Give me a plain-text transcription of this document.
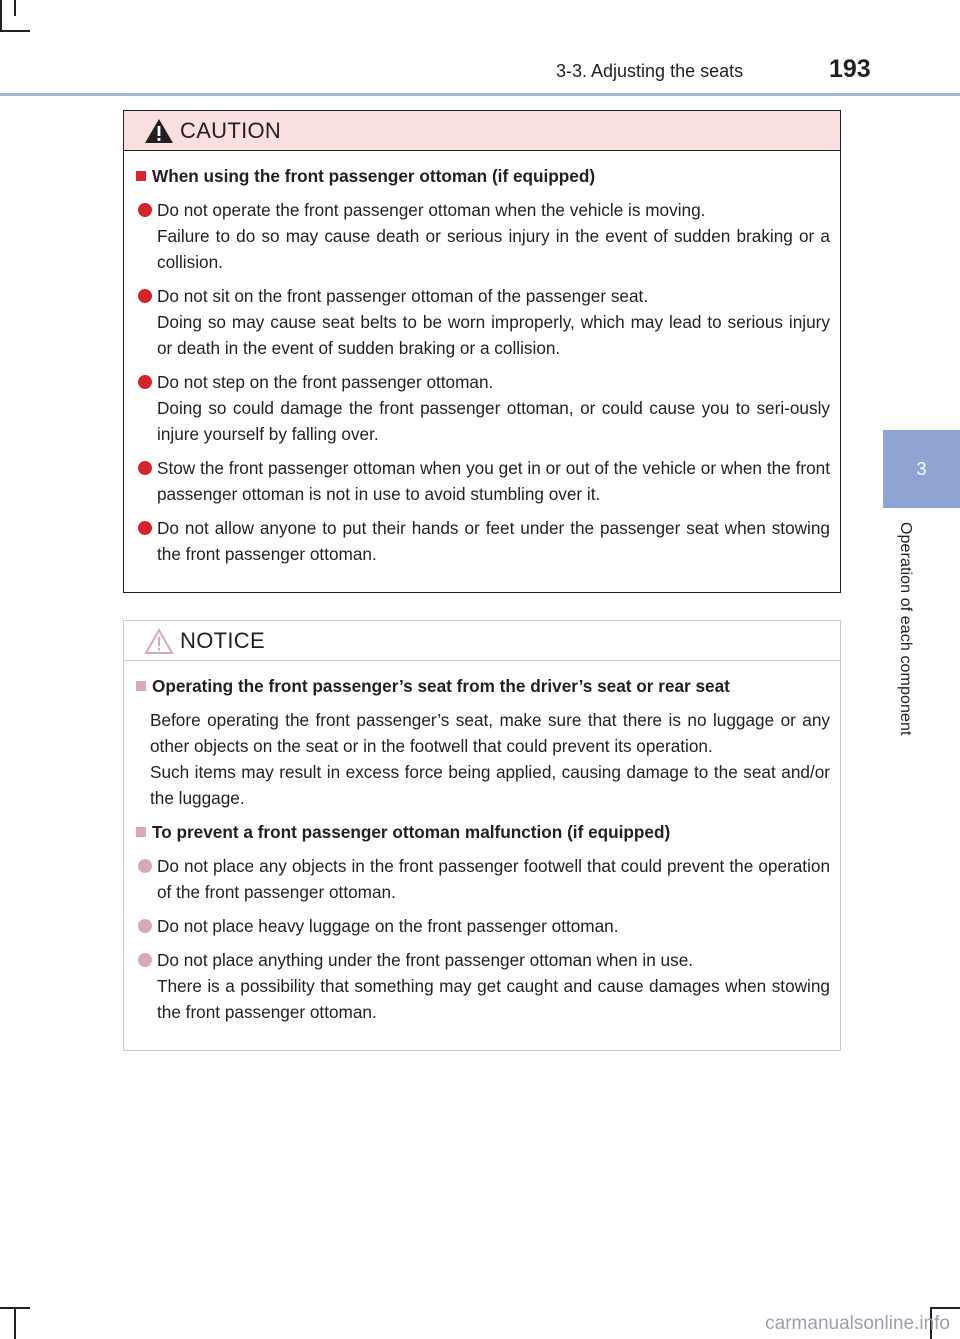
3-3. Adjusting the seats	193
3
Operation of each component
CAUTION
When using the front passenger ottoman (if equipped)
Do not operate the front passenger ottoman when the vehicle is moving.
Failure to do so may cause death or serious injury in the event of sudden braking or a collision.
Do not sit on the front passenger ottoman of the passenger seat.
Doing so may cause seat belts to be worn improperly, which may lead to serious injury or death in the event of sudden braking or a collision.
Do not step on the front passenger ottoman.
Doing so could damage the front passenger ottoman, or could cause you to seri-ously injure yourself by falling over.
Stow the front passenger ottoman when you get in or out of the vehicle or when the front passenger ottoman is not in use to avoid stumbling over it.
Do not allow anyone to put their hands or feet under the passenger seat when stowing the front passenger ottoman.
NOTICE
Operating the front passenger’s seat from the driver’s seat or rear seat
Before operating the front passenger’s seat, make sure that there is no luggage or any other objects on the seat or in the footwell that could prevent its operation.
Such items may result in excess force being applied, causing damage to the seat and/or the luggage.
To prevent a front passenger ottoman malfunction (if equipped)
Do not place any objects in the front passenger footwell that could prevent the operation of the front passenger ottoman.
Do not place heavy luggage on the front passenger ottoman.
Do not place anything under the front passenger ottoman when in use.
There is a possibility that something may get caught and cause damages when stowing the front passenger ottoman.
carmanualsonline.info
